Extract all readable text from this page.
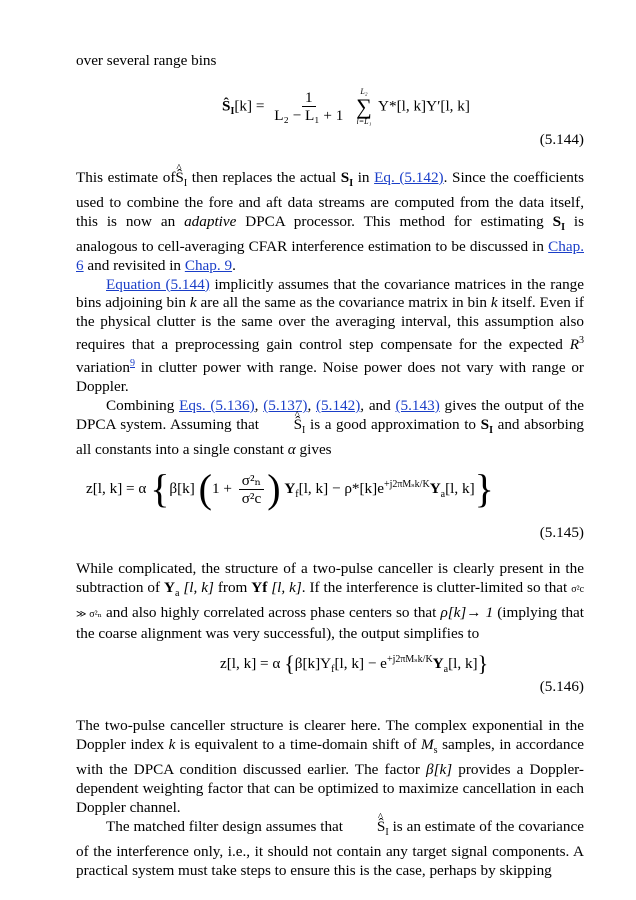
over several range bins

$Ŝ_I[k] = \frac{1}{\text{L₂ − L₁ + 1}}$
L₂
∑
l=L₁
Y*[l, k]Y′[l, k]
(5.144)

This estimate of^ $Ŝ_I$ then replaces the actual $S_I$ in Eq. (5.142). Since the coefficients used to combine the fore and aft data streams are computed from the data itself, this is now an adaptive DPCA processor. This method for estimating $S_I$ is analogous to cell-averaging CFAR interference estimation to be discussed in Chap. 6 and revisited in Chap. 9.

Equation (5.144) implicitly assumes that the covariance matrices in the range bins adjoining bin k are all the same as the covariance matrix in bin k itself. Even if the physical clutter is the same over the averaging interval, this assumption also requires that a preprocessing gain control step compensate for the expected $R^3$ variation$^9$ in clutter power with range. Noise power does not vary with range or Doppler.

Combining Eqs. (5.136), (5.137), (5.142), and (5.143) gives the output of the DPCA system. Assuming that ^ $Ŝ_I$ is a good approximation to $S_I$ and absorbing all constants into a single constant α gives

z[l, k] = α {β[k] ($1 + \frac{\text{σ²ₙ}}{\text{σ²c}}$ ) $Y_f[l$, $k] - \rho*[k]e^{+j2\pi M_sk/K}Y_a[l$, k]}
(5.145)

While complicated, the structure of a two-pulse canceller is clearly present in the subtraction of $Y_a$ [l, k] from Yf [l, k]. If the interference is clutter-limited so that σ²c ≫ σ²ₙ and also highly correlated across phase centers so that ρ[k]→ 1 (implying that the coarse alignment was very successful), the output simplifies to

z[l, k] = α {$\beta[k]Y_f[l$, $k] - e^{+j2\pi M_sk/K}Y_a[l$, k]}
(5.146)

The two-pulse canceller structure is clearer here. The complex exponential in the Doppler index k is equivalent to a time-domain shift of $M_s$ samples, in accordance with the DPCA condition discussed earlier. The factor β[k] provides a Doppler-dependent weighting factor that can be optimized to maximize cancellation in each Doppler channel.

The matched filter design assumes that ^ $Ŝ_I$ is an estimate of the covariance of the interference only, i.e., it should not contain any target signal components. A practical system must take steps to ensure this is the case, perhaps by skipping
